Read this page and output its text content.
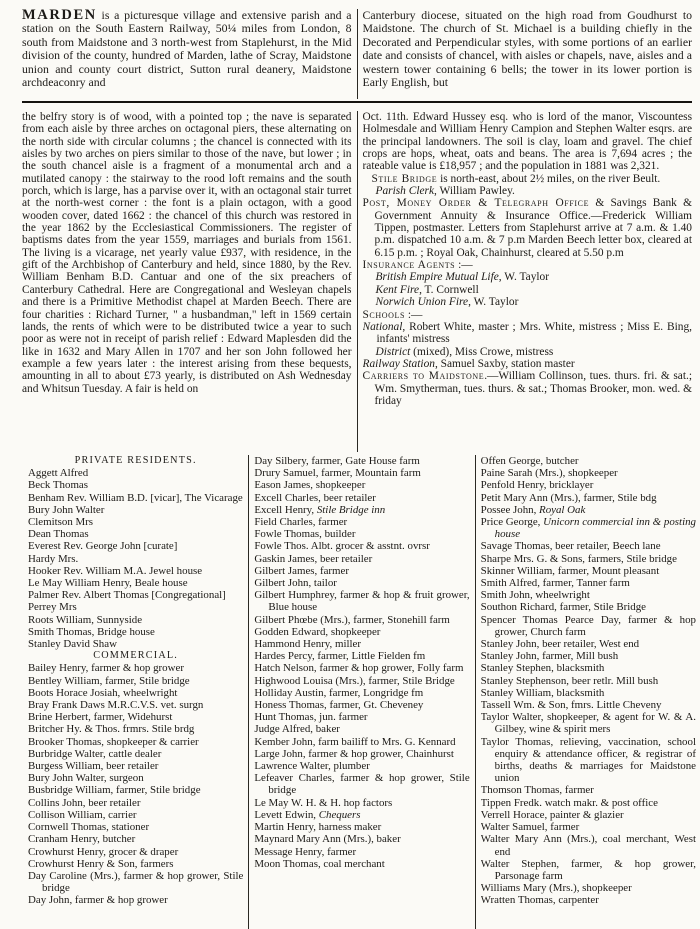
MARDEN is a picturesque village and extensive parish and a station on the South Eastern Railway, 50¼ miles from London, 8 south from Maidstone and 3 north-west from Staplehurst, in the Mid division of the county, hundred of Marden, lathe of Scray, Maidstone union and county court district, Sutton rural deanery, Maidstone archdeaconry and

Canterbury diocese, situated on the high road from Goudhurst to Maidstone. The church of St. Michael is a building chiefly in the Decorated and Perpendicular styles, with some portions of an earlier date and consists of chancel, with aisles or chapels, nave, aisles and a western tower containing 6 bells; the tower in its lower portion is Early English, but

the belfry story is of wood, with a pointed top ; the nave is separated from each aisle by three arches on octagonal piers, these alternating on the north side with circular columns ; the chancel is connected with its aisles by two arches on piers similar to those of the nave, but lower ; in the south chancel aisle is a fragment of a monumental arch and a mutilated canopy : the stairway to the rood loft remains and the south porch, which is large, has a parvise over it, with an octagonal stair turret at the north-west corner : the font is a plain octagon, with a good wooden cover, dated 1662 : the chancel of this church was restored in the year 1862 by the Ecclesiastical Commissioners. The register of baptisms dates from the year 1559, marriages and burials from 1561. The living is a vicarage, net yearly value £937, with residence, in the gift of the Archbishop of Canterbury and held, since 1880, by the Rev. William Benham B.D. Cantuar and one of the six preachers of Canterbury Cathedral. Here are Congregational and Wesleyan chapels and there is a Primitive Methodist chapel at Marden Beech. There are four charities : Richard Turner, " a husbandman," left in 1569 certain lands, the rents of which were to be distributed twice a year to such poor as were not in receipt of parish relief : Edward Maplesden did the like in 1632 and Mary Allen in 1707 and her son John followed her example a few years later : the interest arising from these bequests, amounting in all to about £73 yearly, is distributed on Ash Wednesday and Whitsun Tuesday. A fair is held on

Oct. 11th. Edward Hussey esq. who is lord of the manor, Viscountess Holmesdale and William Henry Campion and Stephen Walter esqrs. are the principal landowners. The soil is clay, loam and gravel. The chief crops are hops, wheat, oats and beans. The area is 7,694 acres ; the rateable value is £18,957 ; and the population in 1881 was 2,321.
Stile Bridge is north-east, about 2½ miles, on the river Beult.
Parish Clerk, William Pawley.
Post, Money Order & Telegraph Office & Savings Bank & Government Annuity & Insurance Office.—Frederick William Tippen, postmaster. Letters from Staplehurst arrive at 7 a.m. & 1.40 p.m. dispatched 10 a.m. & 7 p.m Marden Beech letter box, cleared at 6.15 p.m. ; Royal Oak, Chainhurst, cleared at 5.50 p.m
Insurance Agents :—
British Empire Mutual Life, W. Taylor
Kent Fire, T. Cornwell
Norwich Union Fire, W. Taylor
Schools :—
National, Robert White, master ; Mrs. White, mistress ; Miss E. Bing, infants' mistress
District (mixed), Miss Crowe, mistress
Railway Station, Samuel Saxby, station master
Carriers to Maidstone.—William Collinson, tues. thurs. fri. & sat.; Wm. Smytherman, tues. thurs. & sat.; Thomas Brooker, mon. wed. & friday

PRIVATE RESIDENTS.

Aggett Alfred
Beck Thomas
Benham Rev. William B.D. [vicar], The Vicarage
Bury John Walter
Clemitson Mrs
Dean Thomas
Everest Rev. George John [curate]
Hardy Mrs.
Hooker Rev. William M.A. Jewel house
Le May William Henry, Beale house
Palmer Rev. Albert Thomas [Congregational]
Perrey Mrs
Roots William, Sunnyside
Smith Thomas, Bridge house
Stanley David Shaw

COMMERCIAL.

Bailey Henry, farmer & hop grower
Bentley William, farmer, Stile bridge
Boots Horace Josiah, wheelwright
Bray Frank Daws M.R.C.V.S. vet. surgn
Brine Herbert, farmer, Widehurst
Britcher Hy. & Thos. frmrs. Stile brdg
Brooker Thomas, shopkeeper & carrier
Burbridge Walter, cattle dealer
Burgess William, beer retailer
Bury John Walter, surgeon
Busbridge William, farmer, Stile bridge
Collins John, beer retailer
Collison William, carrier
Cornwell Thomas, stationer
Cranham Henry, butcher
Crowhurst Henry, grocer & draper
Crowhurst Henry & Son, farmers
Day Caroline (Mrs.), farmer & hop grower, Stile bridge
Day John, farmer & hop grower
Day Silbery, farmer, Gate House farm
Drury Samuel, farmer, Mountain farm
Eason James, shopkeeper
Excell Charles, beer retailer
Excell Henry, Stile Bridge inn
Field Charles, farmer
Fowle Thomas, builder
Fowle Thos. Albt. grocer & asstnt. ovrsr
Gaskin James, beer retailer
Gilbert James, farmer
Gilbert John, tailor
Gilbert Humphrey, farmer & hop & fruit grower, Blue house
Gilbert Phœbe (Mrs.), farmer, Stonehill farm
Godden Edward, shopkeeper
Hammond Henry, miller
Hardes Percy, farmer, Little Fielden fm
Hatch Nelson, farmer & hop grower, Folly farm
Highwood Louisa (Mrs.), farmer, Stile Bridge
Holliday Austin, farmer, Longridge fm
Honess Thomas, farmer, Gt. Cheveney
Hunt Thomas, jun. farmer
Judge Alfred, baker
Kember John, farm bailiff to Mrs. G. Kennard
Large John, farmer & hop grower, Chainhurst
Lawrence Walter, plumber
Lefeaver Charles, farmer & hop grower, Stile bridge
Le May W. H. & H. hop factors
Levett Edwin, Chequers
Martin Henry, harness maker
Maynard Mary Ann (Mrs.), baker
Message Henry, farmer
Moon Thomas, coal merchant
Offen George, butcher
Paine Sarah (Mrs.), shopkeeper
Penfold Henry, bricklayer
Petit Mary Ann (Mrs.), farmer, Stile bdg
Possee John, Royal Oak
Price George, Unicorn commercial inn & posting house
Savage Thomas, beer retailer, Beech lane
Sharpe Mrs. G. & Sons, farmers, Stile bridge
Skinner William, farmer, Mount pleasant
Smith Alfred, farmer, Tanner farm
Smith John, wheelwright
Southon Richard, farmer, Stile Bridge
Spencer Thomas Pearce Day, farmer & hop grower, Church farm
Stanley John, beer retailer, West end
Stanley John, farmer, Mill bush
Stanley Stephen, blacksmith
Stanley Stephenson, beer retlr. Mill bush
Stanley William, blacksmith
Tassell Wm. & Son, fmrs. Little Cheveny
Taylor Walter, shopkeeper, & agent for W. & A. Gilbey, wine & spirit mers
Taylor Thomas, relieving, vaccination, school enquiry & attendance officer, & registrar of births, deaths & marriages for Maidstone union
Thomson Thomas, farmer
Tippen Fredk. watch makr. & post office
Verrell Horace, painter & glazier
Walter Samuel, farmer
Walter Mary Ann (Mrs.), coal merchant, West end
Walter Stephen, farmer, & hop grower, Parsonage farm
Williams Mary (Mrs.), shopkeeper
Wratten Thomas, carpenter
